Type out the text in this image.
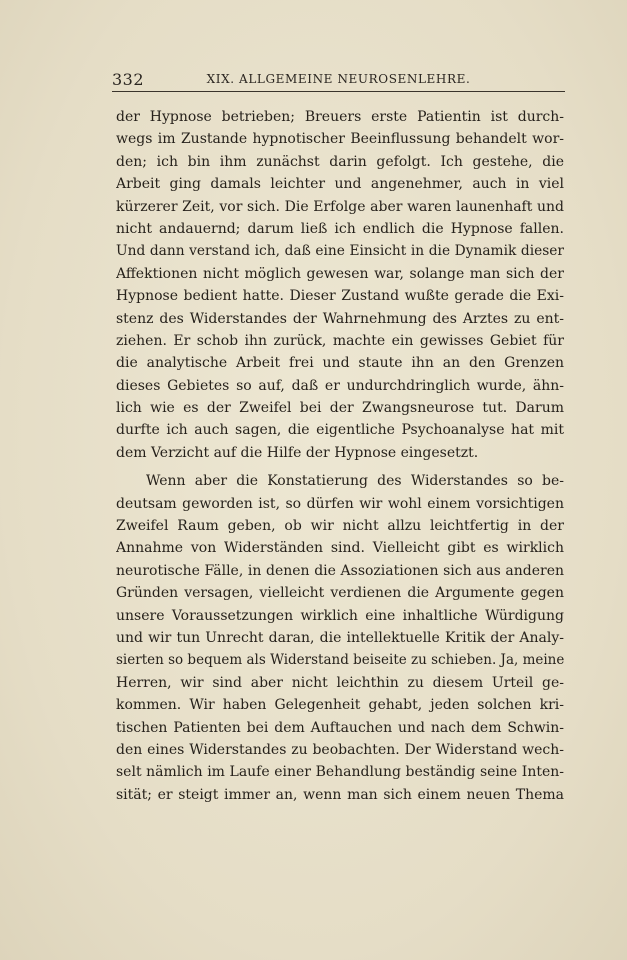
332	XIX. ALLGEMEINE NEUROSENLEHRE.
der Hypnose betrieben; Breuers erste Patientin ist durch-
wegs im Zustande hypnotischer Beeinflussung behandelt wor-
den; ich bin ihm zunächst darin gefolgt. Ich gestehe, die
Arbeit ging damals leichter und angenehmer, auch in viel
kürzerer Zeit, vor sich. Die Erfolge aber waren launenhaft und
nicht andauernd; darum ließ ich endlich die Hypnose fallen.
Und dann verstand ich, daß eine Einsicht in die Dynamik dieser
Affektionen nicht möglich gewesen war, solange man sich der
Hypnose bedient hatte. Dieser Zustand wußte gerade die Exi-
stenz des Widerstandes der Wahrnehmung des Arztes zu ent-
ziehen. Er schob ihn zurück, machte ein gewisses Gebiet für
die analytische Arbeit frei und staute ihn an den Grenzen
dieses Gebietes so auf, daß er undurchdringlich wurde, ähn-
lich wie es der Zweifel bei der Zwangsneurose tut. Darum
durfte ich auch sagen, die eigentliche Psychoanalyse hat mit
dem Verzicht auf die Hilfe der Hypnose eingesetzt.
Wenn aber die Konstatierung des Widerstandes so be-
deutsam geworden ist, so dürfen wir wohl einem vorsichtigen
Zweifel Raum geben, ob wir nicht allzu leichtfertig in der
Annahme von Widerständen sind. Vielleicht gibt es wirklich
neurotische Fälle, in denen die Assoziationen sich aus anderen
Gründen versagen, vielleicht verdienen die Argumente gegen
unsere Voraussetzungen wirklich eine inhaltliche Würdigung
und wir tun Unrecht daran, die intellektuelle Kritik der Analy-
sierten so bequem als Widerstand beiseite zu schieben. Ja, meine
Herren, wir sind aber nicht leichthin zu diesem Urteil ge-
kommen. Wir haben Gelegenheit gehabt, jeden solchen kri-
tischen Patienten bei dem Auftauchen und nach dem Schwin-
den eines Widerstandes zu beobachten. Der Widerstand wech-
selt nämlich im Laufe einer Behandlung beständig seine Inten-
sität; er steigt immer an, wenn man sich einem neuen Thema
